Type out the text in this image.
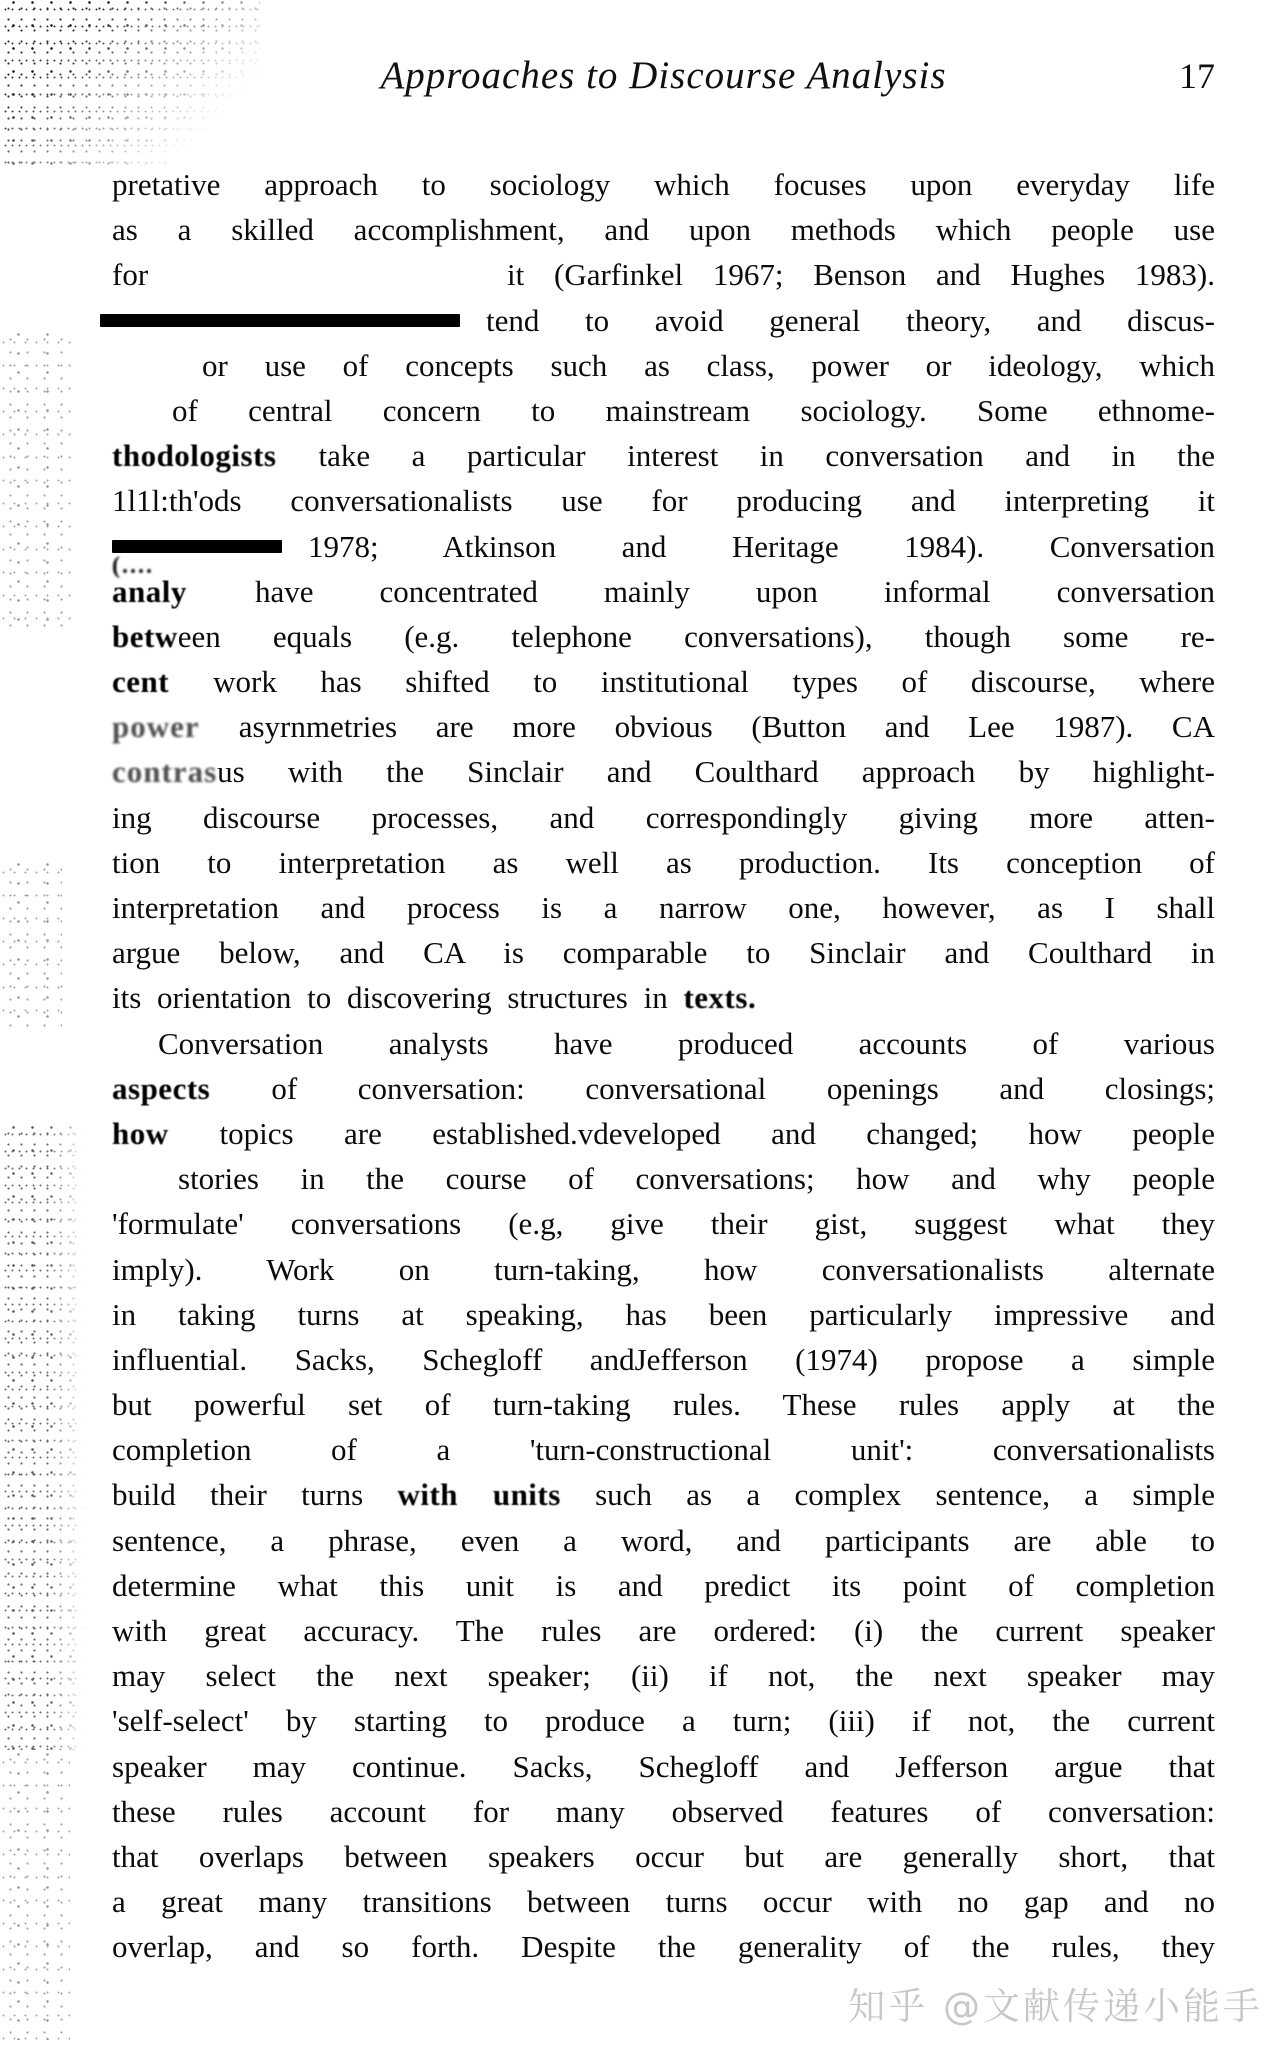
Approaches to Discourse Analysis	17
pretative approach to sociology which focuses upon everyday life
as a skilled accomplishment, and upon methods which people use
for	it (Garfinkel 1967; Benson and Hughes 1983).
tend to avoid general theory, and discus-
or use of concepts such as class, power or ideology, which
of central concern to mainstream sociology. Some ethnome-
thodologists take a particular interest in conversation and in the
1l1l:th'ods conversationalists use for producing and interpreting it
1978; Atkinson and Heritage 1984). Conversation
analy	have concentrated mainly upon informal conversation
between equals (e.g. telephone conversations), though some re-
cent work has shifted to institutional types of discourse, where
power asyrnmetries are more obvious (Button and Lee 1987). CA
contrasus with the Sinclair and Coulthard approach by highlight-
ing discourse processes, and correspondingly giving more atten-
tion to interpretation as well as production. Its conception of
interpretation and process is a narrow one, however, as I shall
argue below, and CA is comparable to Sinclair and Coulthard in
its orientation to discovering structures in texts.
Conversation analysts have produced accounts of various
aspects of conversation: conversational openings and closings;
how topics are established.vdeveloped and changed; how people
stories in the course of conversations; how and why people
'formulate' conversations (e.g, give their gist, suggest what they
imply). Work on turn-taking, how conversationalists alternate
in taking turns at speaking, has been particularly impressive and
influential. Sacks, Schegloff andJefferson (1974) propose a simple
but powerful set of turn-taking rules. These rules apply at the
completion of a 'turn-constructional unit': conversationalists
build their turns with units such as a complex sentence, a simple
sentence, a phrase, even a word, and participants are able to
determine what this unit is and predict its point of completion
with great accuracy. The rules are ordered: (i) the current speaker
may select the next speaker; (ii) if not, the next speaker may
'self-select' by starting to produce a turn; (iii) if not, the current
speaker may continue. Sacks, Schegloff and Jefferson argue that
these rules account for many observed features of conversation:
that overlaps between speakers occur but are generally short, that
a great many transitions between turns occur with no gap and no
overlap, and so forth. Despite the generality of the rules, they
(....
知乎 @文献传递小能手
